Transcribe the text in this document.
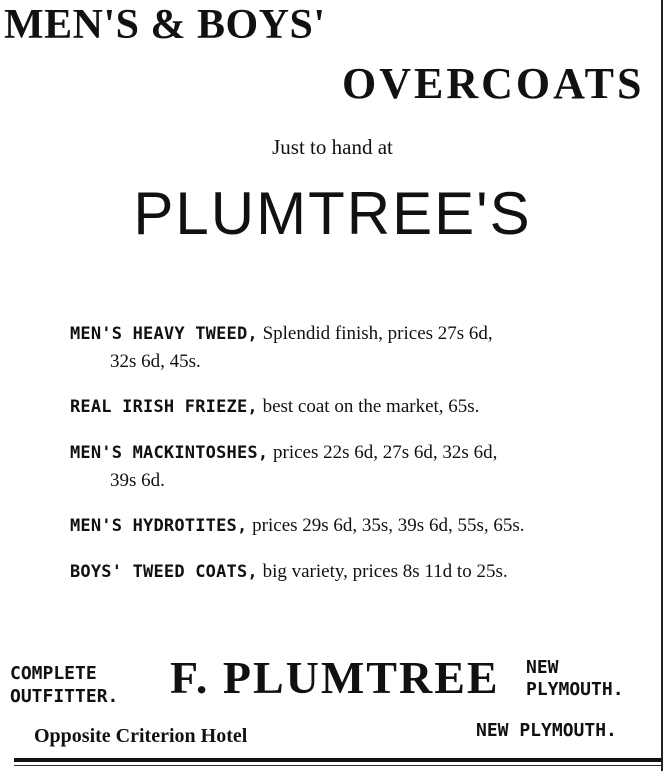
MEN'S & BOYS'
OVERCOATS
Just to hand at
PLUMTREE'S
MEN'S HEAVY TWEED, Splendid finish, prices 27s 6d,
32s 6d, 45s.
REAL IRISH FRIEZE, best coat on the market, 65s.
MEN'S MACKINTOSHES, prices 22s 6d, 27s 6d, 32s 6d,
39s 6d.
MEN'S HYDROTITES, prices 29s 6d, 35s, 39s 6d, 55s, 65s.
BOYS' TWEED COATS, big variety, prices 8s 11d to 25s.
COMPLETE
OUTFITTER. F. PLUMTREE NEW
PLYMOUTH.
Opposite Criterion Hotel	NEW PLYMOUTH.
